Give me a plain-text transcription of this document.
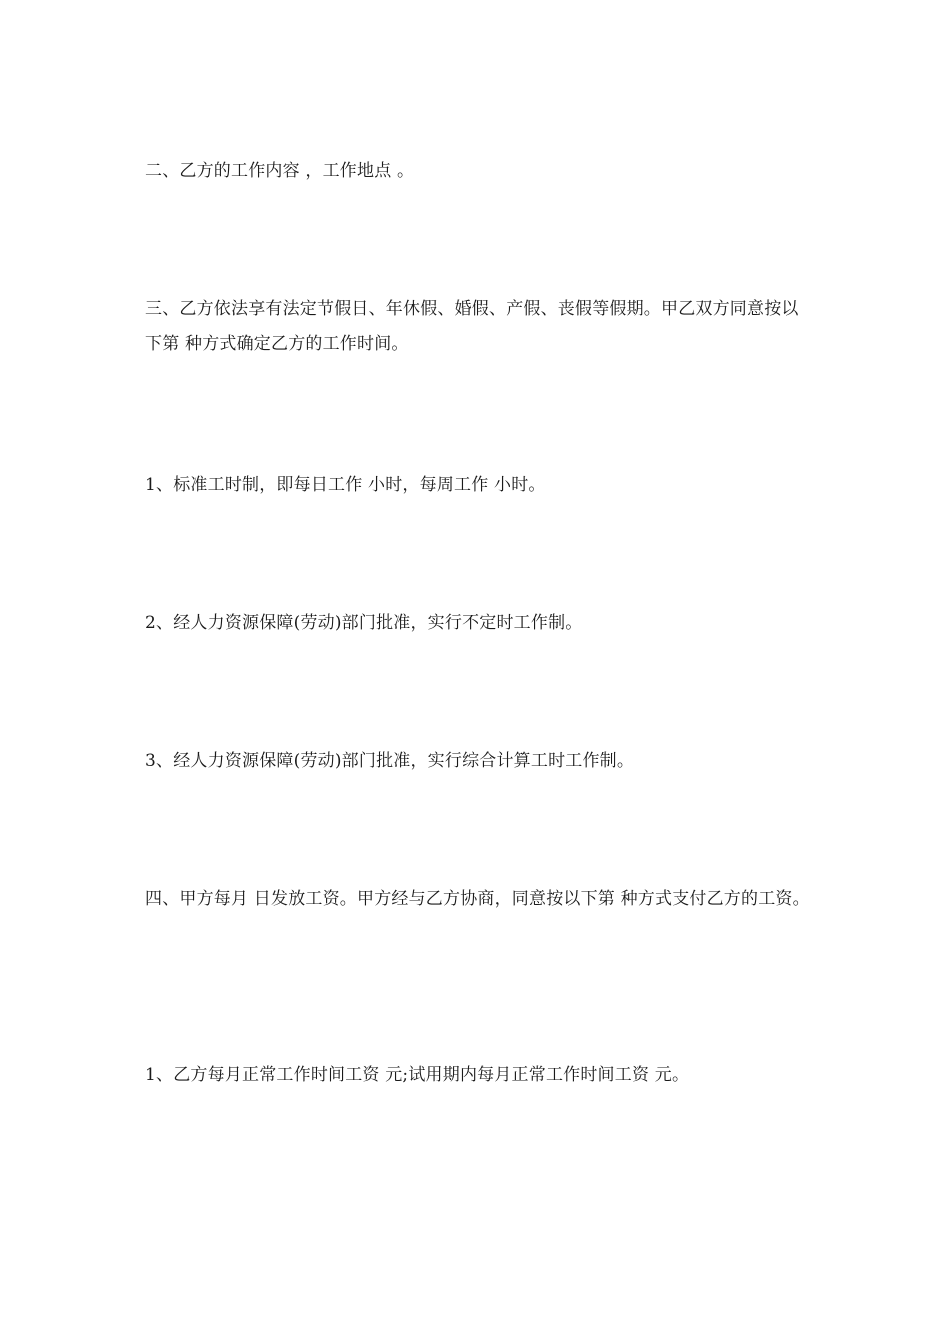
二、乙方的工作内容 ，工作地点 。

三、乙方依法享有法定节假日、年休假、婚假、产假、丧假等假期。甲乙双方同意按以下第 种方式确定乙方的工作时间。

1、标准工时制，即每日工作 小时，每周工作 小时。

2、经人力资源保障(劳动)部门批准，实行不定时工作制。

3、经人力资源保障(劳动)部门批准，实行综合计算工时工作制。

四、甲方每月 日发放工资。甲方经与乙方协商，同意按以下第 种方式支付乙方的工资。

1、乙方每月正常工作时间工资 元;试用期内每月正常工作时间工资 元。
